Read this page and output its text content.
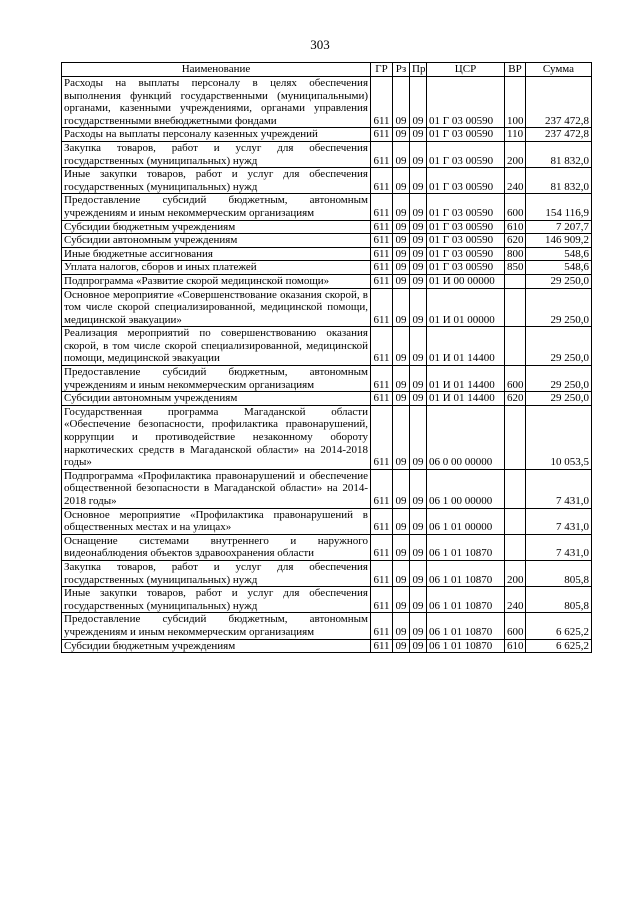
303
Наименование	ГР	Рз	Пр	ЦСР	ВР	Сумма
Расходы на выплаты персоналу в целях обеспечения выполнения функций государственными (муниципальными) органами, казенными учреждениями, органами управления государственными внебюджетными фондами	611	09	09	01 Г 03 00590	100	237 472,8
Расходы на выплаты персоналу казенных учреждений	611	09	09	01 Г 03 00590	110	237 472,8
Закупка товаров, работ и услуг для обеспечения государственных (муниципальных) нужд	611	09	09	01 Г 03 00590	200	81 832,0
Иные закупки товаров, работ и услуг для обеспечения государственных (муниципальных) нужд	611	09	09	01 Г 03 00590	240	81 832,0
Предоставление субсидий бюджетным, автономным учреждениям и иным некоммерческим организациям	611	09	09	01 Г 03 00590	600	154 116,9
Субсидии бюджетным учреждениям	611	09	09	01 Г 03 00590	610	7 207,7
Субсидии автономным учреждениям	611	09	09	01 Г 03 00590	620	146 909,2
Иные бюджетные ассигнования	611	09	09	01 Г 03 00590	800	548,6
Уплата налогов, сборов и иных платежей	611	09	09	01 Г 03 00590	850	548,6
Подпрограмма «Развитие скорой медицинской помощи»	611	09	09	01 И 00 00000		29 250,0
Основное мероприятие «Совершенствование оказания скорой, в том числе скорой специализированной, медицинской помощи, медицинской эвакуации»	611	09	09	01 И 01 00000		29 250,0
Реализация мероприятий по совершенствованию оказания скорой, в том числе скорой специализированной, медицинской помощи, медицинской эвакуации	611	09	09	01 И 01 14400		29 250,0
Предоставление субсидий бюджетным, автономным учреждениям и иным некоммерческим организациям	611	09	09	01 И 01 14400	600	29 250,0
Субсидии автономным учреждениям	611	09	09	01 И 01 14400	620	29 250,0
Государственная программа Магаданской области «Обеспечение безопасности, профилактика правонарушений, коррупции и противодействие незаконному обороту наркотических средств в Магаданской области» на 2014-2018 годы»	611	09	09	06 0 00 00000		10 053,5
Подпрограмма «Профилактика правонарушений и обеспечение общественной безопасности в Магаданской области» на 2014-2018 годы»	611	09	09	06 1 00 00000		7 431,0
Основное мероприятие «Профилактика правонарушений в общественных местах и на улицах»	611	09	09	06 1 01 00000		7 431,0
Оснащение системами внутреннего и наружного видеонаблюдения объектов здравоохранения области	611	09	09	06 1 01 10870		7 431,0
Закупка товаров, работ и услуг для обеспечения государственных (муниципальных) нужд	611	09	09	06 1 01 10870	200	805,8
Иные закупки товаров, работ и услуг для обеспечения государственных (муниципальных) нужд	611	09	09	06 1 01 10870	240	805,8
Предоставление субсидий бюджетным, автономным учреждениям и иным некоммерческим организациям	611	09	09	06 1 01 10870	600	6 625,2
Субсидии бюджетным учреждениям	611	09	09	06 1 01 10870	610	6 625,2
